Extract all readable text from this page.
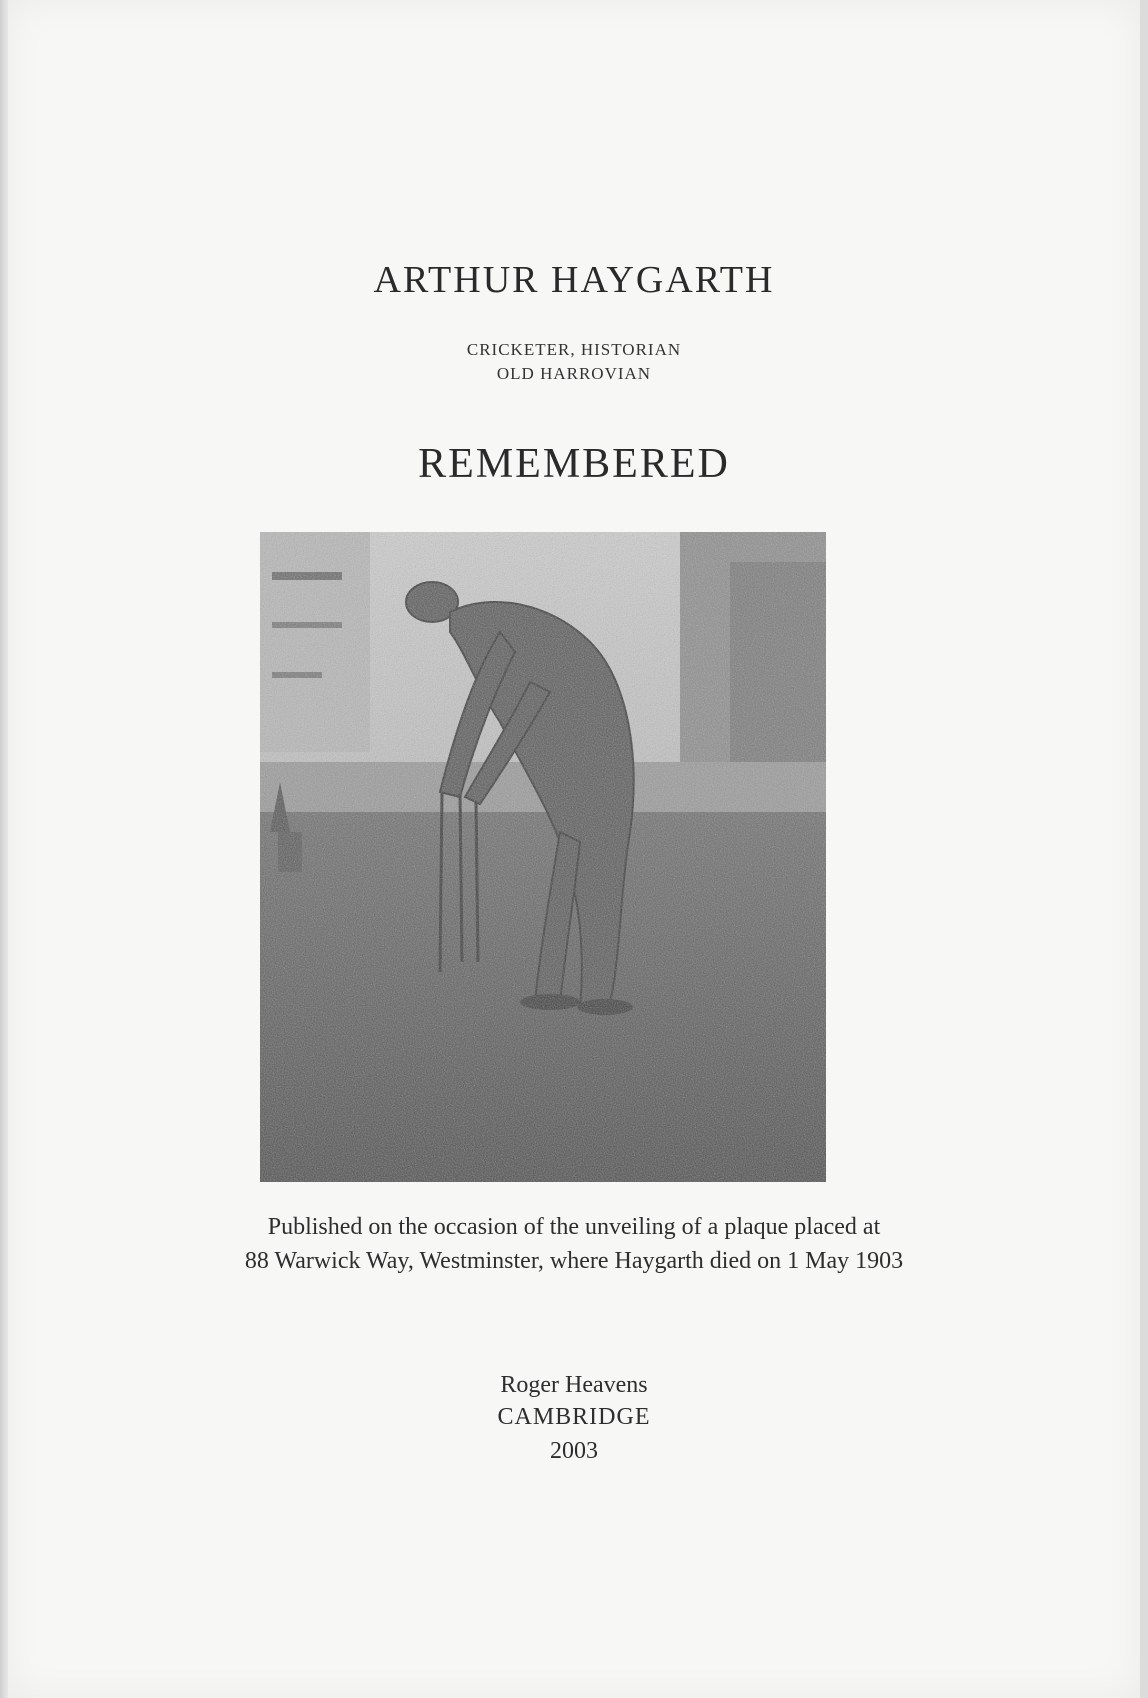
ARTHUR HAYGARTH
CRICKETER, HISTORIAN
OLD HARROVIAN
REMEMBERED
Published on the occasion of the unveiling of a plaque placed at
88 Warwick Way, Westminster, where Haygarth died on 1 May 1903
Roger Heavens
CAMBRIDGE
2003
